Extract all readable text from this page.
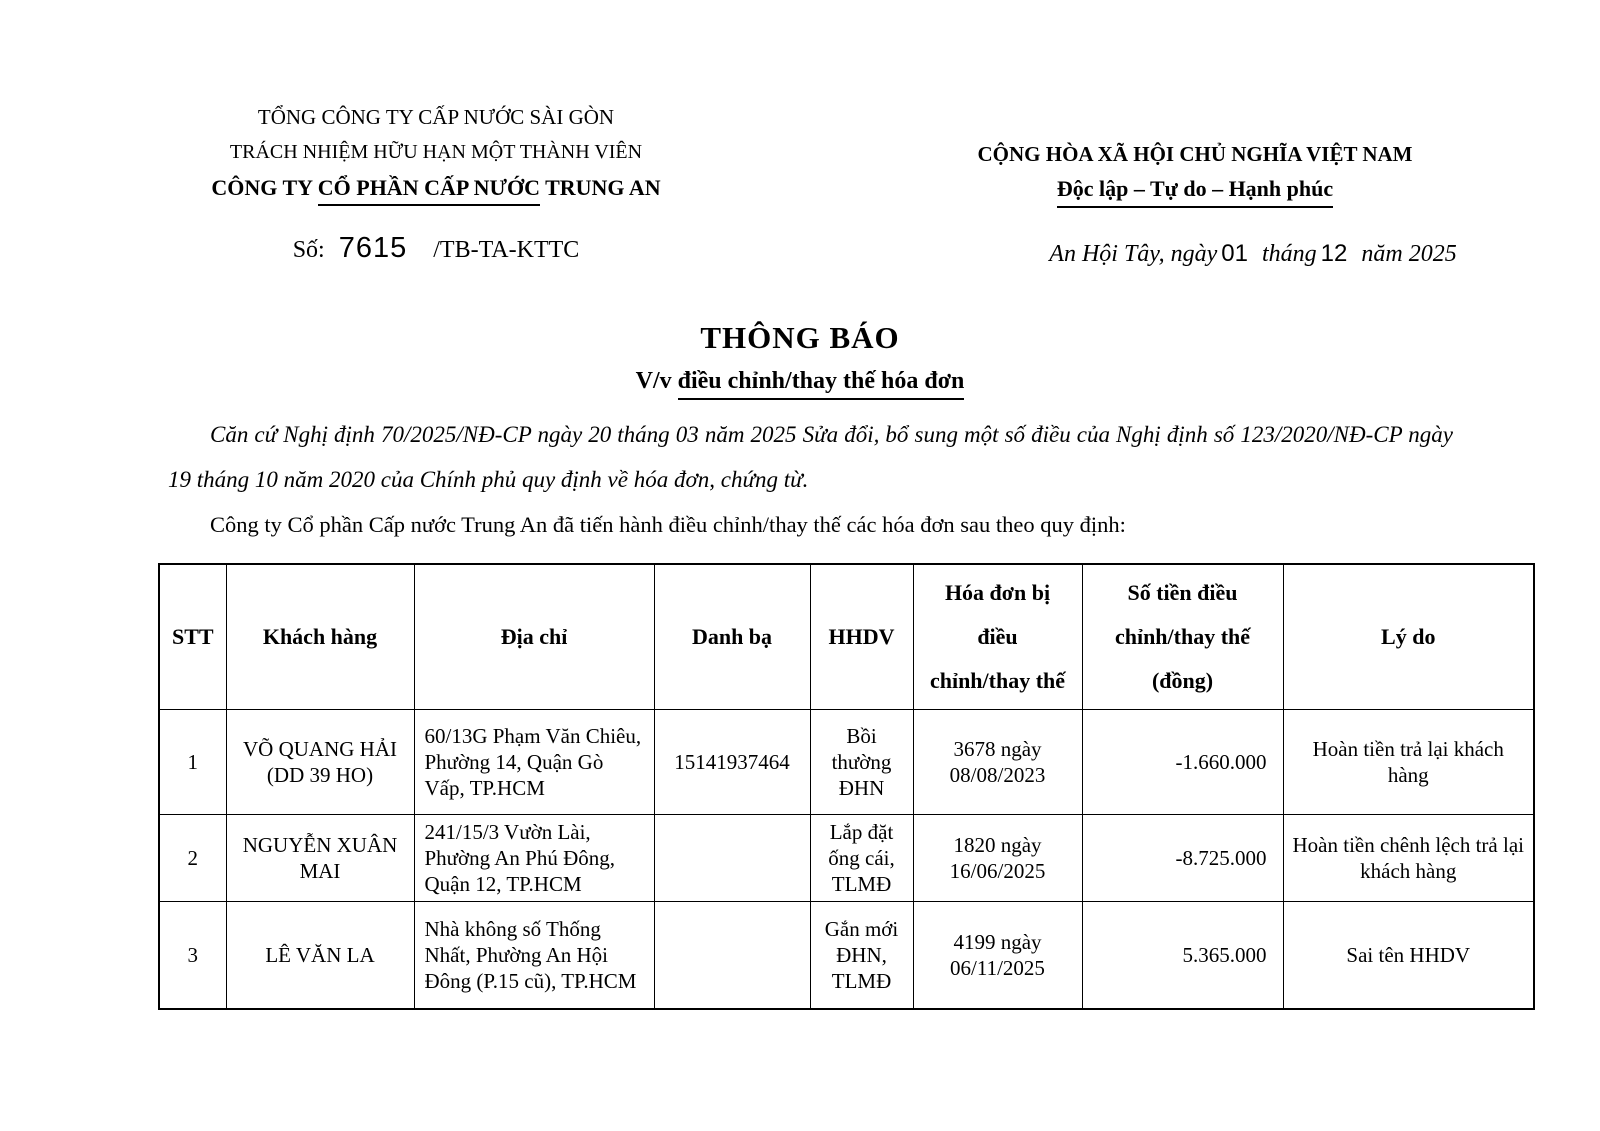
TỔNG CÔNG TY CẤP NƯỚC SÀI GÒN
TRÁCH NHIỆM HỮU HẠN MỘT THÀNH VIÊN
CÔNG TY CỔ PHẦN CẤP NƯỚC TRUNG AN
Số: 7615 /TB-TA-KTTC
CỘNG HÒA XÃ HỘI CHỦ NGHĨA VIỆT NAM
Độc lập – Tự do – Hạnh phúc
An Hội Tây, ngày 01 tháng 12 năm 2025
THÔNG BÁO
V/v điều chỉnh/thay thế hóa đơn

Căn cứ Nghị định 70/2025/NĐ-CP ngày 20 tháng 03 năm 2025 Sửa đổi, bổ sung một số điều của Nghị định số 123/2020/NĐ-CP ngày 19 tháng 10 năm 2020 của Chính phủ quy định về hóa đơn, chứng từ.

Công ty Cổ phần Cấp nước Trung An đã tiến hành điều chỉnh/thay thế các hóa đơn sau theo quy định:

STT	Khách hàng	Địa chỉ	Danh bạ	HHDV	Hóa đơn bị điều chỉnh/thay thế	Số tiền điều chỉnh/thay thế (đồng)	Lý do
1	VÕ QUANG HẢI (DD 39 HO)	60/13G Phạm Văn Chiêu, Phường 14, Quận Gò Vấp, TP.HCM	15141937464	Bồi thường ĐHN	3678 ngày 08/08/2023	-1.660.000	Hoàn tiền trả lại khách hàng
2	NGUYỄN XUÂN MAI	241/15/3 Vườn Lài, Phường An Phú Đông, Quận 12, TP.HCM		Lắp đặt ống cái, TLMĐ	1820 ngày 16/06/2025	-8.725.000	Hoàn tiền chênh lệch trả lại khách hàng
3	LÊ VĂN LA	Nhà không số Thống Nhất, Phường An Hội Đông (P.15 cũ), TP.HCM		Gắn mới ĐHN, TLMĐ	4199 ngày 06/11/2025	5.365.000	Sai tên HHDV
